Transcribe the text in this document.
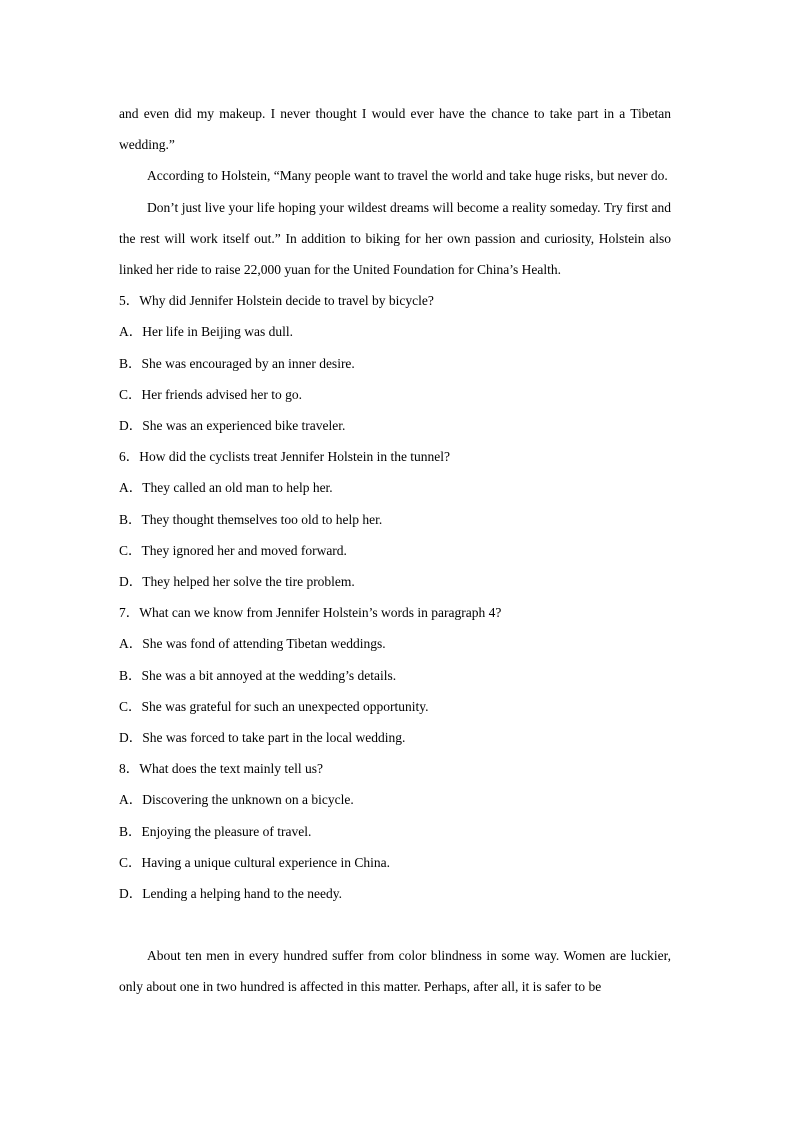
and even did my makeup. I never thought I would ever have the chance to take part in a Tibetan wedding.”

According to Holstein, “Many people want to travel the world and take huge risks, but never do.

Don’t just live your life hoping your wildest dreams will become a reality someday. Try first and the rest will work itself out.” In addition to biking for her own passion and curiosity, Holstein also linked her ride to raise 22,000 yuan for the United Foundation for China’s Health.

5．Why did Jennifer Holstein decide to travel by bicycle?

A．Her life in Beijing was dull.

B．She was encouraged by an inner desire.

C．Her friends advised her to go.

D．She was an experienced bike traveler.

6．How did the cyclists treat Jennifer Holstein in the tunnel?

A．They called an old man to help her.

B．They thought themselves too old to help her.

C．They ignored her and moved forward.

D．They helped her solve the tire problem.

7．What can we know from Jennifer Holstein’s words in paragraph 4?

A．She was fond of attending Tibetan weddings.

B．She was a bit annoyed at the wedding’s details.

C．She was grateful for such an unexpected opportunity.

D．She was forced to take part in the local wedding.

8．What does the text mainly tell us?

A．Discovering the unknown on a bicycle.

B．Enjoying the pleasure of travel.

C．Having a unique cultural experience in China.

D．Lending a helping hand to the needy.

About ten men in every hundred suffer from color blindness in some way. Women are luckier, only about one in two hundred is affected in this matter. Perhaps, after all, it is safer to be
